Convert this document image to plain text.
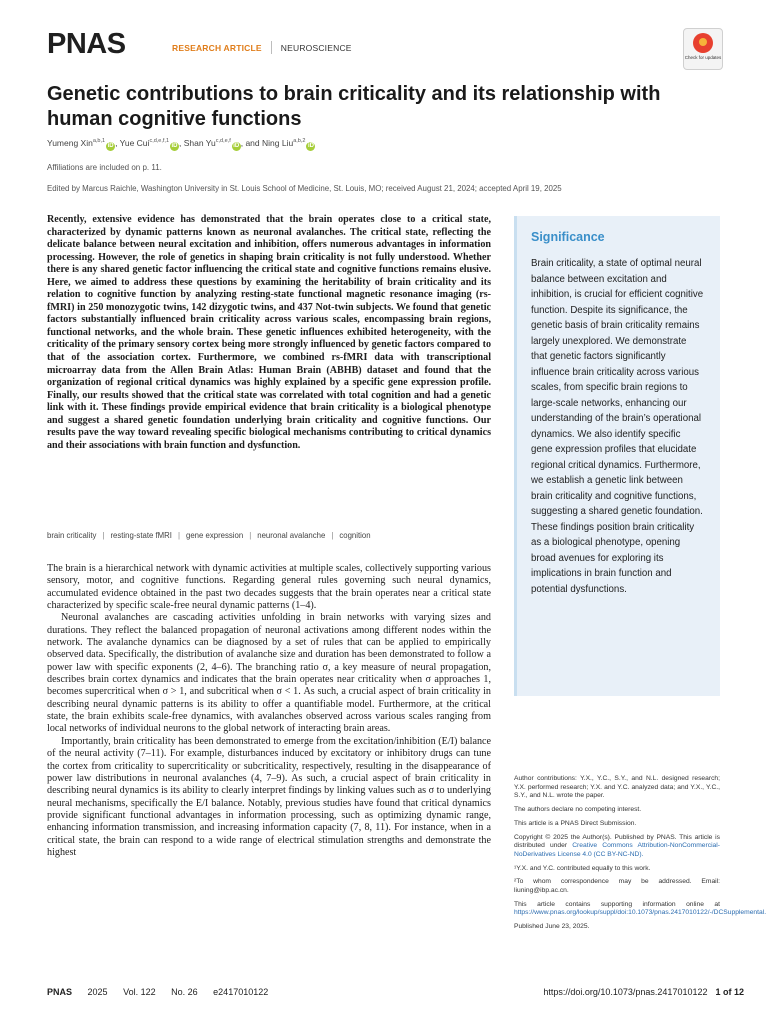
PNAS	RESEARCH ARTICLE NEUROSCIENCE
Check for updates
Genetic contributions to brain criticality and its relationship with human cognitive functions
Yumeng Xin$^{a,b,1}$iD , Yue Cui$^{c,d,e,f,1}$iD , Shan Yu$^{c,d,e,f}$iD , and Ning Liu$^{a,b,2}$iD
Affiliations are included on p. 11.
Edited by Marcus Raichle, Washington University in St. Louis School of Medicine, St. Louis, MO; received August 21, 2024; accepted April 19, 2025

Recently, extensive evidence has demonstrated that the brain operates close to a critical state, characterized by dynamic patterns known as neuronal avalanches. The critical state, reflecting the delicate balance between neural excitation and inhibition, offers numerous advantages in information processing. However, the role of genetics in shaping brain criticality is not fully understood. Whether there is any shared genetic factor influencing the critical state and cognitive functions remains elusive. Here, we aimed to address these questions by examining the heritability of brain criticality and its relation to cognitive function by analyzing resting-state functional magnetic resonance imaging (rs-fMRI) in 250 monozygotic twins, 142 dizygotic twins, and 437 Not-twin subjects. We found that genetic factors substantially influenced brain criticality across various scales, encompassing brain regions, functional networks, and the whole brain. These genetic influences exhibited heterogeneity, with the criticality of the primary sensory cortex being more strongly influenced by genetic factors compared to that of the association cortex. Furthermore, we combined rs-fMRI data with transcriptional microarray data from the Allen Brain Atlas: Human Brain (ABHB) dataset and found that the organization of regional critical dynamics was highly explained by a specific gene expression profile. Finally, our results showed that the critical state was correlated with total cognition and had a genetic link with it. These findings provide empirical evidence that brain criticality is a biological phenotype and suggest a shared genetic foundation underlying brain criticality and cognitive functions. Our results pave the way toward revealing specific biological mechanisms contributing to critical dynamics and their associations with brain function and dysfunction.

brain criticality | resting-state fMRI | gene expression | neuronal avalanche | cognition

The brain is a hierarchical network with dynamic activities at multiple scales, collectively supporting various sensory, motor, and cognitive functions. Regarding general rules governing such neural dynamics, accumulated evidence obtained in the past two decades suggests that the brain operates near a critical state characterized by specific scale-free neural dynamic patterns (1–4).

Neuronal avalanches are cascading activities unfolding in brain networks with varying sizes and durations. They reflect the balanced propagation of neuronal activations among different nodes within the network. The avalanche dynamics can be diagnosed by a set of rules that can be applied to empirically observed data. Specifically, the distribution of avalanche size and duration has been demonstrated to follow a power law with specific exponents (2, 4–6). The branching ratio σ, a key measure of neural propagation, describes brain cortex dynamics and indicates that the brain operates near criticality when σ approaches 1, becomes supercritical when σ > 1, and subcritical when σ < 1. As such, a crucial aspect of brain criticality in describing neural dynamic patterns is its ability to offer a quantifiable model. Furthermore, at the critical state, the brain exhibits scale-free dynamics, with avalanches observed across various scales ranging from local networks of individual neurons to the global network of interacting brain areas.

Importantly, brain criticality has been demonstrated to emerge from the excitation/inhibition (E/I) balance of the neural activity (7–11). For example, disturbances induced by excitatory or inhibitory drugs can tune the cortex from criticality to supercriticality or subcriticality, respectively, resulting in the disappearance of power law distributions in neuronal avalanches (4, 7–9). As such, a crucial aspect of brain criticality in describing neural dynamics is its ability to clearly interpret findings by linking values such as σ to underlying neural mechanisms, specifically the E/I balance. Notably, previous studies have found that critical dynamics provide significant functional advantages in information processing, such as optimizing dynamic range, enhancing information transmission, and increasing information capacity (7, 8, 11). For instance, when in a critical state, the brain can respond to a wide range of electrical stimulation strengths and demonstrate the highest

Significance

Brain criticality, a state of optimal neural balance between excitation and inhibition, is crucial for efficient cognitive function. Despite its significance, the genetic basis of brain criticality remains largely unexplored. We demonstrate that genetic factors significantly influence brain criticality across various scales, from specific brain regions to large-scale networks, enhancing our understanding of the brain’s operational dynamics. We also identify specific gene expression profiles that elucidate regional critical dynamics. Furthermore, we establish a genetic link between brain criticality and cognitive functions, suggesting a shared genetic foundation. These findings position brain criticality as a biological phenotype, opening broad avenues for exploring its implications in brain function and potential dysfunctions.

Author contributions: Y.X., Y.C., S.Y., and N.L. designed research; Y.X. performed research; Y.X. and Y.C. analyzed data; and Y.X., Y.C., S.Y., and N.L. wrote the paper.

The authors declare no competing interest.

This article is a PNAS Direct Submission.

Copyright © 2025 the Author(s). Published by PNAS. This article is distributed under Creative Commons Attribution-NonCommercial-NoDerivatives License 4.0 (CC BY-NC-ND).

¹Y.X. and Y.C. contributed equally to this work.

²To whom correspondence may be addressed. Email: liuning@ibp.ac.cn.

This article contains supporting information online at https://www.pnas.org/lookup/suppl/doi:10.1073/pnas.2417010122/-/DCSupplemental.

Published June 23, 2025.

PNAS 2025 Vol. 122 No. 26 e2417010122	https://doi.org/10.1073/pnas.2417010122 1 of 12
